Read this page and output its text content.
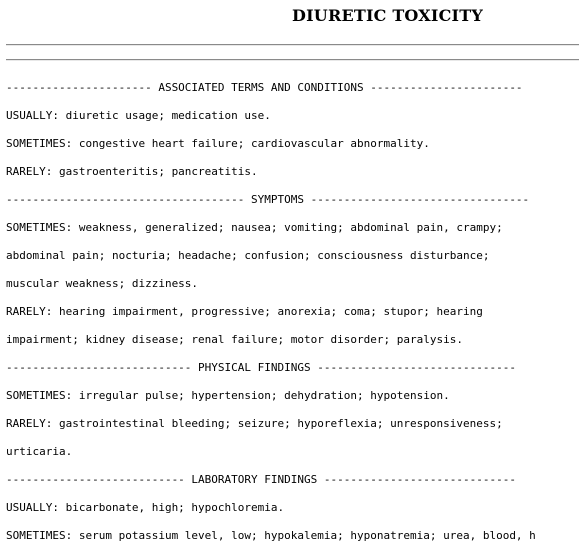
DIURETIC TOXICITY
---------------------- ASSOCIATED TERMS AND CONDITIONS -----------------------
USUALLY: diuretic usage; medication use.
SOMETIMES: congestive heart failure; cardiovascular abnormality.
RARELY: gastroenteritis; pancreatitis.
------------------------------------ SYMPTOMS ---------------------------------
SOMETIMES: weakness, generalized; nausea; vomiting; abdominal pain, crampy;
abdominal pain; nocturia; headache; confusion; consciousness disturbance;
muscular weakness; dizziness.
RARELY: hearing impairment, progressive; anorexia; coma; stupor; hearing
impairment; kidney disease; renal failure; motor disorder; paralysis.
---------------------------- PHYSICAL FINDINGS ------------------------------
SOMETIMES: irregular pulse; hypertension; dehydration; hypotension.
RARELY: gastrointestinal bleeding; seizure; hyporeflexia; unresponsiveness;
urticaria.
--------------------------- LABORATORY FINDINGS -----------------------------
USUALLY: bicarbonate, high; hypochloremia.
SOMETIMES: serum potassium level, low; hypokalemia; hyponatremia; urea, blood, h
